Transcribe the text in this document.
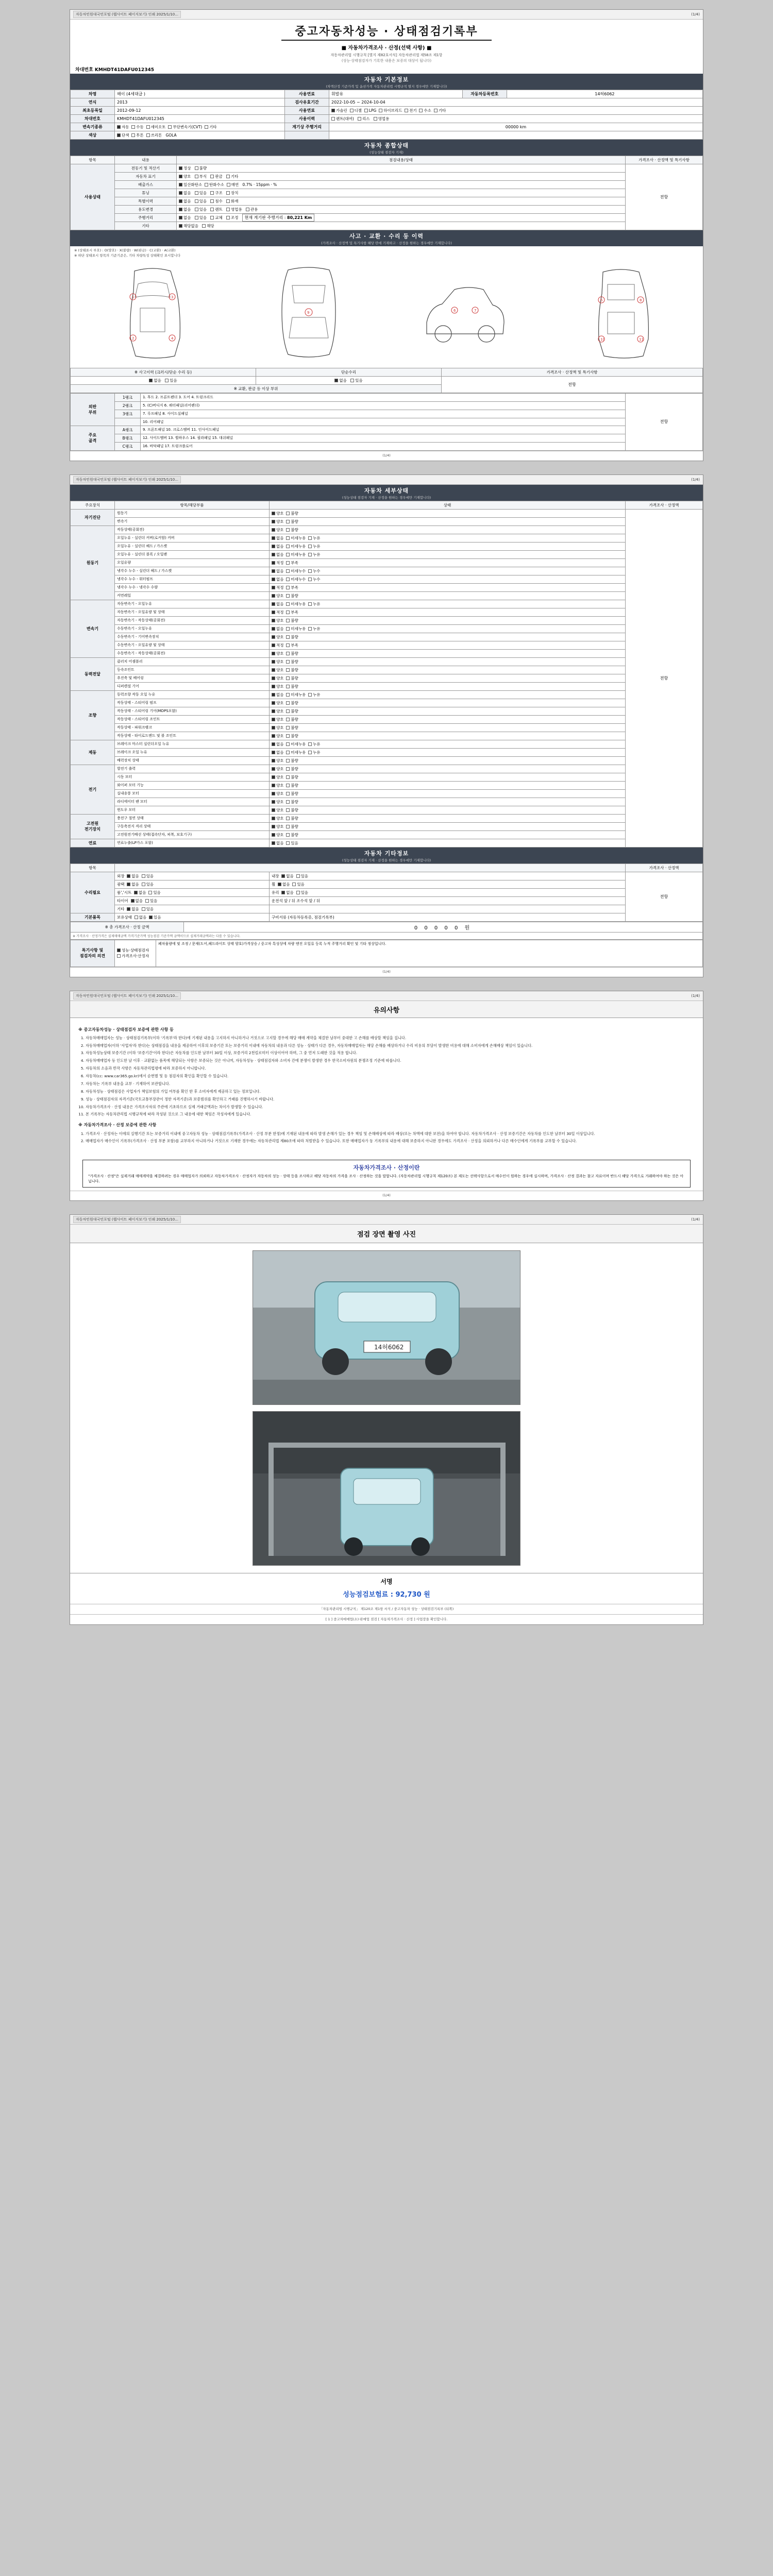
자동차민원대국민포털 (웹사이트 페이지보기) 인쇄 2025/1/10...	(1/4)
중고자동차성능 · 상태점검기록부
■ 자동차가격조사 · 산정(선택 사항) ■
자동차관리법 시행규칙 [별지 제82호서식] 자동차관리법 제58조 제1항
(성능·상태점검자가 기록한 내용은 보증의 대상이 됩니다)
차대번호 KMHDT41DAFU012345
자동차 기본정보
(차액산정 기준가격 및 옵션가격 자동차관리법 시행규칙 별지 경우에만 기재합니다)
차명	해이 (4세대급 )	사용연료	휘발유	자동차등록번호	14허6062
연식	2013	검사유효기간	2022-10-05 ~ 2024-10-04		
최초등록일	2012-09-12	사용연료	가솔린 디젤 LPG 하이브리드 전기 수소 기타		
차대번호	KMHDT41DAFU012345	사용이력	렌트(대여) 리스 영업용		
변속기종류	자동 수동 세미오토 무단변속기(CVT) 기타	계기상 주행거리	00000 km		
색상	단색 투톤 쓰리톤 GOLA				
자동차 종합상태
(성능상태 점검자 기재)
항목	내용	점검내용/상태	가격조사 · 산정액 및 특기사항
사용상태	전동기 및 적산기	정상 불량	전항
	자동차 표기	양호 부식 판금 기타	
	배출가스	일산화탄소 탄화수소 매연 0.7% · 15ppm · %	
	튜닝	없음 있음 구조 장치	
	특별이력	없음 있음 침수 화재	
	용도변경	없음 있음 렌트 영업용 관용	
	주행거리	없음 있음 교체 조정 현재 계기판 주행거리 : 80,221 Km	
	기타	해당없음 해당	
사고 · 교환 · 수리 등 이력
(가격조사 · 산정액 및 특기사항 해당 란에 기재하고 · 산정을 원하는 경우에만 기재합니다)
※ (상태표시 부호) : O(양호) · X(불량) · W(판금) · C(교환) · A(교환)
※ 하단 상태표시 항목의 기준기준은, 기타 차량특성 상태확인 표시합니다
1	3
2	4
9	6	7
5	8
10	11
※ 사고이력 (크러시/단순 수리 등)	단순수리	가격조사 · 산정액 및 특기사항
없음 있음	없음 있음	전항
※ 교환, 판금 등 이상 부위		
외판
부위	1랭크	1. 후드 2. 프론트펜더 3. 도어 4. 트렁크리드	전항
	2랭크	5. (C)버디지 6. 쿼터패널(리어펜더)	
	3랭크	7. 루프패널 8. 사이드실패널	
		10. 리어패널	
주요
골격	A랭크	9. 프론트패널 10. 크로스멤버 11. 인사이드패널	
	B랭크	12. 사이드멤버 13. 휠하우스 14. 필라패널 15. 대쉬패널	
	C랭크	16. 바닥패널 17. 트렁크플로어	
(1/4)
자동차민원대국민포털 (웹사이트 페이지보기) 인쇄 2025/1/10...	(1/4)
자동차 세부상태
(성능상태 점검자 기재 · 산정을 원하는 경우에만 기재합니다)
주요장치	항목/해당부품	상태	가격조사 · 산정액
자기진단	원동기	양호 불량	전항
	변속기	양호 불량	
원동기	작동상태(공회전)	양호 불량	
	오일누유 - 실린더 커버(로커암) 커버	없음 미세누유 누유	
	오일누유 - 실린더 헤드 / 가스켓	없음 미세누유 누유	
	오일누유 - 실린더 블록 / 오일팬	없음 미세누유 누유	
	오일유량	적정 부족	
	냉각수 누수 - 실린더 헤드 / 가스켓	없음 미세누수 누수	
	냉각수 누수 - 워터펌프	없음 미세누수 누수	
	냉각수 누수 - 냉각수 수량	적정 부족	
	커먼레일	양호 불량	
변속기	자동변속기 - 오일누유	없음 미세누유 누유	
	자동변속기 - 오일유량 및 상태	적정 부족	
	자동변속기 - 작동상태(공회전)	양호 불량	
	수동변속기 - 오일누유	없음 미세누유 누유	
	수동변속기 - 기어변속장치	양호 불량	
	수동변속기 - 오일유량 및 상태	적정 부족	
	수동변속기 - 작동상태(공회전)	양호 불량	
동력전달	클러치 어셈블리	양호 불량	
	등속조인트	양호 불량	
	추진축 및 베어링	양호 불량	
	디퍼렌셜 기어	양호 불량	
조향	동력조향 작동 오일 누유	없음 미세누유 누유	
	작동상태 - 스티어링 펌프	양호 불량	
	작동상태 - 스티어링 기어(MDPS포함)	양호 불량	
	작동상태 - 스티어링 조인트	양호 불량	
	작동상태 - 파워크랭크	양호 불량	
	작동상태 - 타이로드엔드 및 볼 조인트	양호 불량	
제동	브레이크 마스터 실린더오일 누유	없음 미세누유 누유	
	브레이크 오일 누유	없음 미세누유 누유	
	배력장치 상태	양호 불량	
전기	발전기 출력	양호 불량	
	시동 모터	양호 불량	
	와이퍼 모터 기능	양호 불량	
	실내송풍 모터	양호 불량	
	라디에이터 팬 모터	양호 불량	
	윈도우 모터	양호 불량	
고전원
전기장치	충전구 절연 상태	양호 불량	
	구동축전지 격리 상태	양호 불량	
	고전원전기배선 상태(접속단자, 피복, 보호기구)	양호 불량	
연료	연료누출(LP가스 포함)	없음 있음	
자동차 기타정보
(성능상태 점검자 기재 · 산정을 원하는 경우에만 기재합니다)
항목			가격조사 · 산정액
수리필요	외장 없음 있음	내장 없음 있음	전항
	광택 없음 있음	휠 없음 있음	
	룸','시트 없음 있음	유리 없음 있음	
	타이어 없음 있음	운전석 앞 / 뒤 조수석 앞 / 뒤	
	기타 없음 있음		
기본품목	보유상태 없음 있음	구비서류 (자동차등록증, 점검기록부)	
※ 총 가격조사 · 산정 금액	0 0 0 0 0 원
※ 가격조사 · 산정가격은 실제매매금액 가격기준가액 성능점검 기준가액 금액이므로 실제거래금액과는 다를 수 있습니다.
특기사항 및
점검자의 의견	성능·상태점검자
가격조사·산정자	폐차물량에 및 조정 / 문제(도어,헤드라이트 상태 양호)가격상승 / 중고차 특성상에 차량 엔진 오일류 등록 누적 주행거리 확인 및 기타 정상입니다.
(1/4)
자동차민원대국민포털 (웹사이트 페이지보기) 인쇄 2025/1/10...	(1/4)
유의사항
※ 중고자동차성능 · 상태점검자 보증에 관한 사항 등
1. 자동차매매업자는 성능 · 상태점검기록부(이하 '기록부'라 한다)에 기재된 내용을 고지하지 아니하거나 거짓으로 고지할 경우에 해당 매매 계약을 체결한 날부터 중대한 고 손해를 배상할 책임을 집니다.
2. 자동차매매업자(이하 '사업자'라 한다)는 상태점검을 내용을 제공하여 이후의 보증기간 또는 보증거리 이내에 자동차의 내용과 다른 성능 · 상태가 다른 경우, 자동차매매업자는 해당 손해를 배상하거나 수리 비용의 부담이 발생한 비용에 대해 소비자에게 손해배상 책임이 있습니다.
3. 자동차성능상태 보증기간 (이하 '보증기간'이라 한다)은 자동차를 인도한 날부터 30일 이상, 보증거리 2천킬로미터 이상이어야 하며, 그 중 먼저 도래한 것을 적용 합니다.
4. 자동차매매업자 등 인도한 날 이후 · 교환없는 품목에 해당되는 사항은 보증되는 것은 아니며, 자동차성능 · 상태점검자와 소비자 간에 분쟁이 발생한 경우 한국소비자원의 분쟁조정 기준에 따릅니다.
5. 자동차의 소음과 반작 사항은 자동차관리법령에 따라 보증하지 아니합니다.
6. 자동차(cc: www.car365.go.kr)에서 순번별 및 등 점검자의 확인을 확인할 수 있습니다.
7. 자동차는 기록부 내용을 교부 · 기재하여 보관합니다.
8. 자동차성능 · 상태점검은 사업자가 책임보험의 가입 여부를 확인 한 후 소비자에게 제공하고 있는 정보입니다.
9. 성능 · 상태점검자의 자격기준(국토교통부장관이 정한 자격기준)과 보증범위를 확인하고 거래를 진행하시기 바랍니다.
10. 자동차가격조사 · 산정 내용은 가격조사자의 주관에 기초하므로 실제 거래금액과는 차이가 발생할 수 있습니다.
11. 본 기록부는 자동차관리법 시행규칙에 따라 작성된 것으로 그 내용에 대한 책임은 작성자에게 있습니다.
※ 자동차가격조사 · 산정 보증에 관한 사항
1. 가격조사 · 산정자는 이에의 실행기간 또는 보증거리 이내에 중고자동차 성능 · 상태점검기록부(가격조사 · 산정 부분 한정)에 기재된 내용에 따라 발생 손해가 있는 경우 책임 및 손해배상에 따라 배상(또는 차액에 대한 보전)을 하여야 합니다. 자동차가격조사 · 산정 보증기간은 자동차를 인도한 날부터 30일 이상입니다.
2. 매매업자가 매수인이 기록부(가격조사 · 산정 부분 포함)를 교부하지 아니하거나 거짓으로 기재한 경우에는 자동차관리법 제80조에 따라 처벌받을 수 있습니다. 또한 매매업자가 동 기록부의 내용에 대해 보증하지 아니한 경우에도 가격조사 · 산정을 의뢰하거나 다른 매수인에게 기록부를 교부할 수 있습니다.
자동차가격조사 · 산정이란
"가격조사 · 산정"은 실제거래 매매계약을 체결하려는 경우 매매업자가 의뢰하고 자동차가격조사 · 산정자가 자동차의 성능 · 상태 등을 조사하고 해당 자동차의 가격을 조사 · 산정하는 것을 말합니다. (자동차관리법 시행규칙 제120조) 본 제도는 선택사항으로서 매수인이 원하는 경우에 실시하며, 가격조사 · 산정 결과는 참고 자료이며 반드시 해당 가격으로 거래하여야 하는 것은 아닙니다.
(1/4)
자동차민원대국민포털 (웹사이트 페이지보기) 인쇄 2025/1/10...	(1/4)
점검 장면 촬영 사진
14허6062
서명
성능점검보험료 : 92,730 원
「자동차관리법 시행규칙」 제120조 제1항 서식 / 중고자동차 성능 · 상태점검기록부 (뒤쪽)
[ 1 ] 중고차매매업(소)·판매업 점검 [ 자동차가격조사 · 산정 ] 사업장을 확인합니다.
